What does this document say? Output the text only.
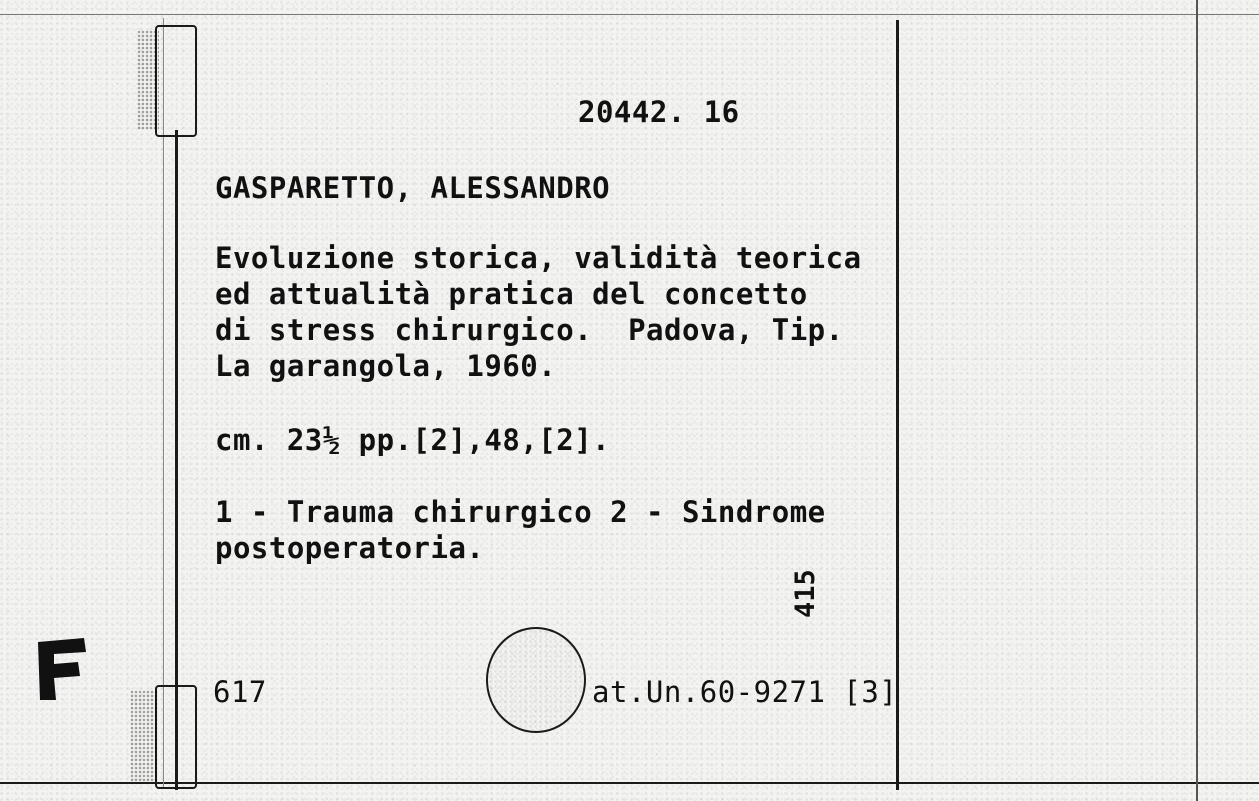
20442. 16
GASPARETTO, ALESSANDRO
Evoluzione storica, validità teorica
ed attualità pratica del concetto
di stress chirurgico.  Padova, Tip.
La garangola, 1960.
cm. 23½ pp.[2],48,[2].
1 - Trauma chirurgico 2 - Sindrome
postoperatoria.
617	at.Un.60-9271 [3]
415
